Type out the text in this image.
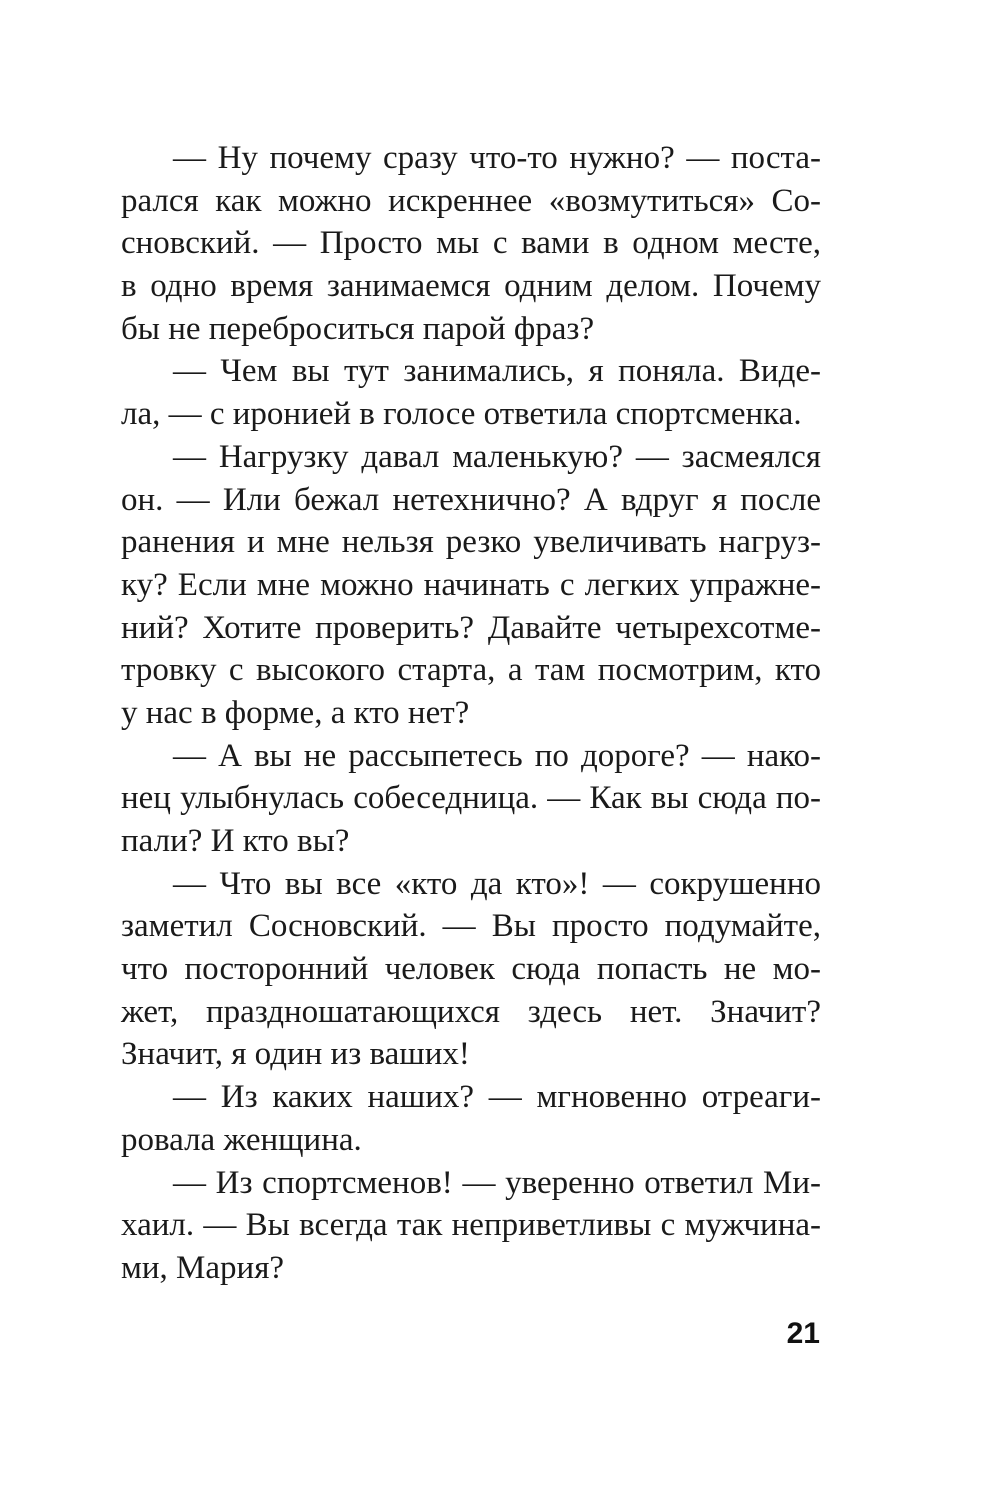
— Ну почему сразу что-то нужно? — поста-
рался как можно искреннее «возмутиться» Со-
сновский. — Просто мы с вами в одном месте,
в одно время занимаемся одним делом. Почему
бы не переброситься парой фраз?
— Чем вы тут занимались, я поняла. Виде-
ла, — с иронией в голосе ответила спортсменка.
— Нагрузку давал маленькую? — засмеялся
он. — Или бежал нетехнично? А вдруг я после
ранения и мне нельзя резко увеличивать нагруз-
ку? Если мне можно начинать с легких упражне-
ний? Хотите проверить? Давайте четырехсотме-
тровку с высокого старта, а там посмотрим, кто
у нас в форме, а кто нет?
— А вы не рассыпетесь по дороге? — нако-
нец улыбнулась собеседница. — Как вы сюда по-
пали? И кто вы?
— Что вы все «кто да кто»! — сокрушенно
заметил Сосновский. — Вы просто подумайте,
что посторонний человек сюда попасть не мо-
жет, праздношатающихся здесь нет. Значит?
Значит, я один из ваших!
— Из каких наших? — мгновенно отреаги-
ровала женщина.
— Из спортсменов! — уверенно ответил Ми-
хаил. — Вы всегда так неприветливы с мужчина-
ми, Мария?
21
